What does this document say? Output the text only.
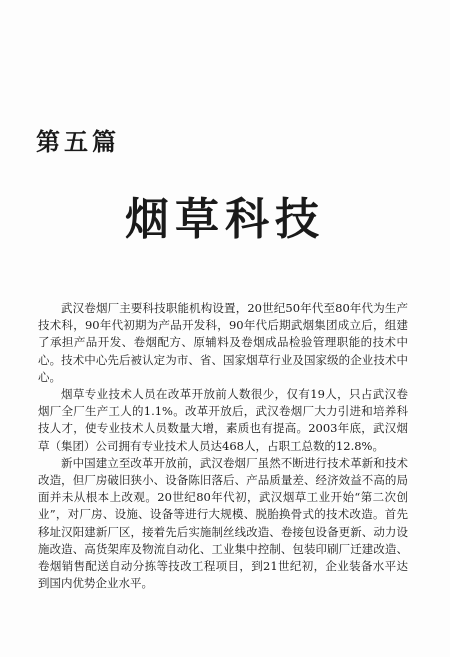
第五篇
烟草科技

武汉卷烟厂主要科技职能机构设置，20世纪50年代至80年代为生产技术科，90年代初期为产品开发科，90年代后期武烟集团成立后，组建了承担产品开发、卷烟配方、原辅料及卷烟成品检验管理职能的技术中心。技术中心先后被认定为市、省、国家烟草行业及国家级的企业技术中心。

烟草专业技术人员在改革开放前人数很少，仅有19人，只占武汉卷烟厂全厂生产工人的1.1%。改革开放后，武汉卷烟厂大力引进和培养科技人才，使专业技术人员数量大增，素质也有提高。2003年底，武汉烟草（集团）公司拥有专业技术人员达468人，占职工总数的12.8%。

新中国建立至改革开放前，武汉卷烟厂虽然不断进行技术革新和技术改造，但厂房破旧狭小、设备陈旧落后、产品质量差、经济效益不高的局面并未从根本上改观。20世纪80年代初，武汉烟草工业开始“第二次创业”，对厂房、设施、设备等进行大规模、脱胎换骨式的技术改造。首先移址汉阳建新厂区，接着先后实施制丝线改造、卷接包设备更新、动力设施改造、高货架库及物流自动化、工业集中控制、包装印刷厂迁建改造、卷烟销售配送自动分拣等技改工程项目，到21世纪初，企业装备水平达到国内优势企业水平。
